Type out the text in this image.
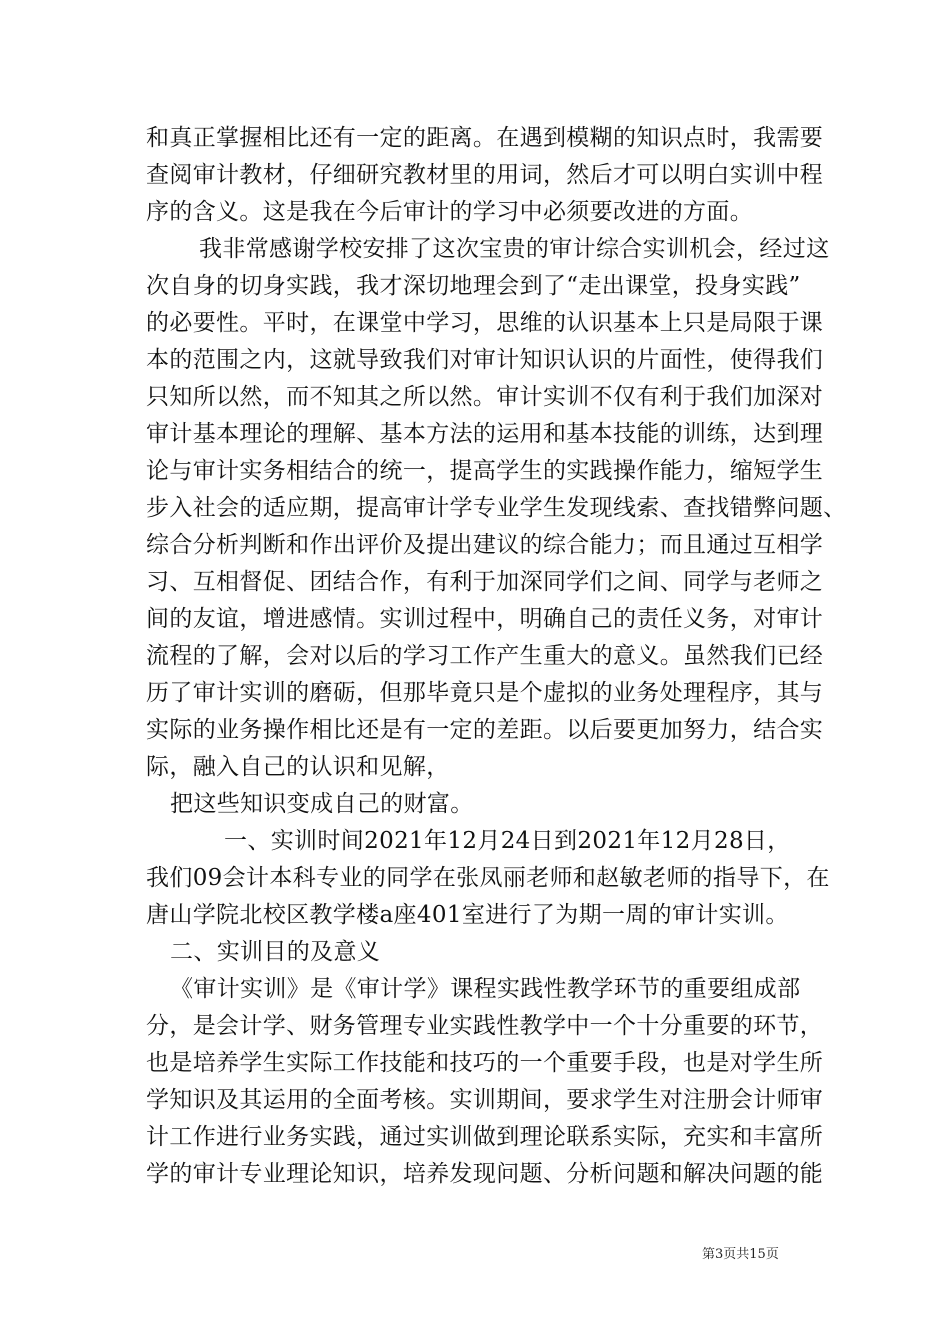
和真正掌握相比还有一定的距离。在遇到模糊的知识点时，我需要
查阅审计教材，仔细研究教材里的用词，然后才可以明白实训中程
序的含义。这是我在今后审计的学习中必须要改进的方面。
我非常感谢学校安排了这次宝贵的审计综合实训机会，经过这
次自身的切身实践，我才深切地理会到了“走出课堂，投身实践”
的必要性。平时，在课堂中学习，思维的认识基本上只是局限于课
本的范围之内，这就导致我们对审计知识认识的片面性，使得我们
只知所以然，而不知其之所以然。审计实训不仅有利于我们加深对
审计基本理论的理解、基本方法的运用和基本技能的训练，达到理
论与审计实务相结合的统一，提高学生的实践操作能力，缩短学生
步入社会的适应期，提高审计学专业学生发现线索、查找错弊问题、
综合分析判断和作出评价及提出建议的综合能力；而且通过互相学
习、互相督促、团结合作，有利于加深同学们之间、同学与老师之
间的友谊，增进感情。实训过程中，明确自己的责任义务，对审计
流程的了解，会对以后的学习工作产生重大的意义。虽然我们已经
历了审计实训的磨砺，但那毕竟只是个虚拟的业务处理程序，其与
实际的业务操作相比还是有一定的差距。以后要更加努力，结合实
际，融入自己的认识和见解，
把这些知识变成自己的财富。
一、实训时间2021年12月24日到2021年12月28日，
我们09会计本科专业的同学在张凤丽老师和赵敏老师的指导下，在
唐山学院北校区教学楼a座401室进行了为期一周的审计实训。
二、实训目的及意义
《审计实训》是《审计学》课程实践性教学环节的重要组成部
分，是会计学、财务管理专业实践性教学中一个十分重要的环节，
也是培养学生实际工作技能和技巧的一个重要手段，也是对学生所
学知识及其运用的全面考核。实训期间，要求学生对注册会计师审
计工作进行业务实践，通过实训做到理论联系实际，充实和丰富所
学的审计专业理论知识，培养发现问题、分析问题和解决问题的能
第3页共15页
